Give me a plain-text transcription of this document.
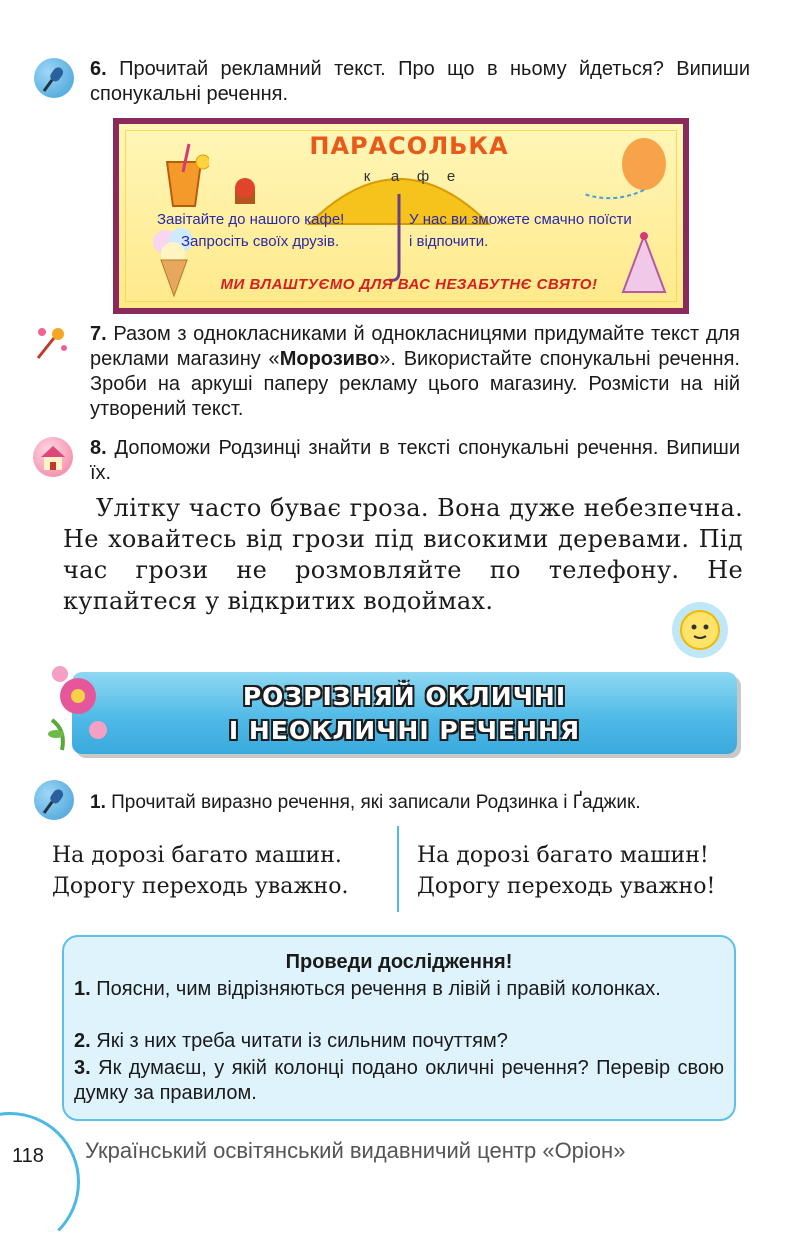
6. Прочитай рекламний текст. Про що в ньому йдеться? Випиши спонукальні речення.
ПАРАСОЛЬКА
к	а	ф	е
Завітайте до нашого кафе!
Запросіть своїх друзів.
У нас ви зможете смачно поїсти
і відпочити.
МИ ВЛАШТУЄМО ДЛЯ ВАС НЕЗАБУТНЄ СВЯТО!
7. Разом з однокласниками й однокласницями придумайте текст для реклами магазину «Морозиво». Використайте спонукальні речення. Зроби на аркуші паперу рекламу цього магазину. Розмісти на ній утворений текст.
8. Допоможи Родзинці знайти в тексті спонукальні речення. Випиши їх.

Улітку часто буває гроза. Вона дуже небезпечна. Не ховайтесь від грози під високими деревами. Під час грози не розмовляйте по телефону. Не купайтеся у відкритих водоймах.

РОЗРІЗНЯЙ ОКЛИЧНІ
І НЕОКЛИЧНІ РЕЧЕННЯ
1. Прочитай виразно речення, які записали Родзинка і Ґаджик.
На дорозі багато машин.
Дорогу переходь уважно.
На дорозі багато машин!
Дорогу переходь уважно!
Проведи дослідження!
1. Поясни, чим відрізняються речення в лівій і правій колонках.
2. Які з них треба читати із сильним почуттям?
3. Як думаєш, у якій колонці подано окличні речення? Перевір свою думку за правилом.
118 Український освітянський видавничий центр «Оріон»
